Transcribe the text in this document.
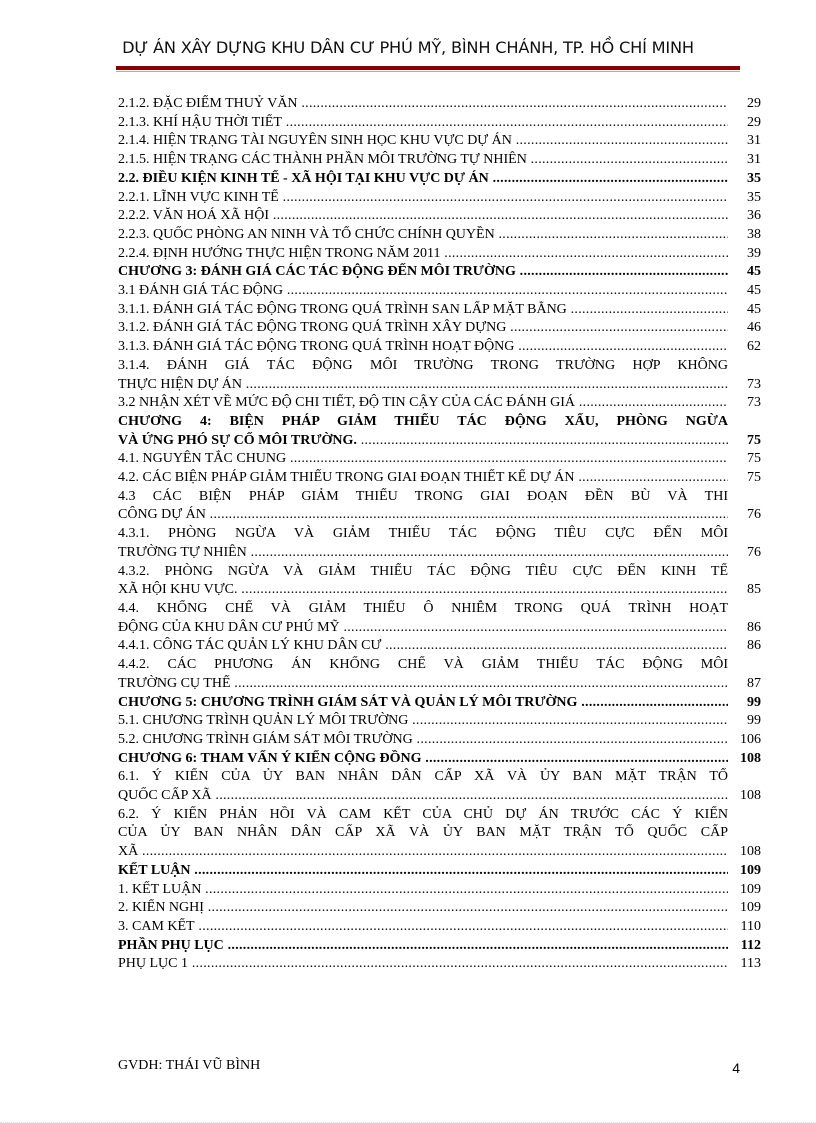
DỰ ÁN XÂY DỰNG KHU DÂN CƯ PHÚ MỸ, BÌNH CHÁNH, TP. HỒ CHÍ MINH
2.1.2. ĐẶC ĐIỂM THUỶ VĂN .....	29
2.1.3. KHÍ HẬU THỜI TIẾT .....	29
2.1.4. HIỆN TRẠNG TÀI NGUYÊN SINH HỌC KHU VỰC DỰ ÁN .....	31
2.1.5. HIỆN TRẠNG CÁC THÀNH PHẦN MÔI TRƯỜNG TỰ NHIÊN .....	31
2.2. ĐIỀU KIỆN KINH TẾ - XÃ HỘI TẠI KHU VỰC DỰ ÁN .....	35
2.2.1. LĨNH VỰC KINH TẾ .....	35
2.2.2. VĂN HOÁ XÃ HỘI .....	36
2.2.3. QUỐC PHÒNG AN NINH VÀ TỔ CHỨC CHÍNH QUYỀN .....	38
2.2.4. ĐỊNH HƯỚNG THỰC HIỆN TRONG NĂM 2011 .....	39
CHƯƠNG 3: ĐÁNH GIÁ CÁC TÁC ĐỘNG ĐẾN MÔI TRƯỜNG .....	45
3.1 ĐÁNH GIÁ TÁC ĐỘNG .....	45
3.1.1. ĐÁNH GIÁ TÁC ĐỘNG TRONG QUÁ TRÌNH SAN LẤP MẶT BẰNG .....	45
3.1.2. ĐÁNH GIÁ TÁC ĐỘNG TRONG QUÁ TRÌNH XÂY DỰNG .....	46
3.1.3. ĐÁNH GIÁ TÁC ĐỘNG TRONG QUÁ TRÌNH HOẠT ĐỘNG .....	62
3.1.4. ĐÁNH GIÁ TÁC ĐỘNG MÔI TRƯỜNG TRONG TRƯỜNG HỢP KHÔNG
THỰC HIỆN DỰ ÁN .....	73
3.2 NHẬN XÉT VỀ MỨC ĐỘ CHI TIẾT, ĐỘ TIN CẬY CỦA CÁC ĐÁNH GIÁ .....	73
CHƯƠNG 4: BIỆN PHÁP GIẢM THIỂU TÁC ĐỘNG XẤU, PHÒNG NGỪA
VÀ ỨNG PHÓ SỰ CỐ MÔI TRƯỜNG. .....	75
4.1. NGUYÊN TẮC CHUNG .....	75
4.2. CÁC BIỆN PHÁP GIẢM THIỂU TRONG GIAI ĐOẠN THIẾT KẾ DỰ ÁN .....	75
4.3 CÁC BIỆN PHÁP GIẢM THIỂU TRONG GIAI ĐOẠN ĐỀN BÙ VÀ THI
CÔNG DỰ ÁN .....	76
4.3.1. PHÒNG NGỪA VÀ GIẢM THIỂU TÁC ĐỘNG TIÊU CỰC ĐẾN MÔI
TRƯỜNG TỰ NHIÊN .....	76
4.3.2. PHÒNG NGỪA VÀ GIẢM THIỂU TÁC ĐỘNG TIÊU CỰC ĐẾN KINH TẾ
XÃ HỘI KHU VỰC. .....	85
4.4. KHỐNG CHẾ VÀ GIẢM THIỂU Ô NHIỄM TRONG QUÁ TRÌNH HOẠT
ĐỘNG CỦA KHU DÂN CƯ PHÚ MỸ .....	86
4.4.1. CÔNG TÁC QUẢN LÝ KHU DÂN CƯ .....	86
4.4.2. CÁC PHƯƠNG ÁN KHỐNG CHẾ VÀ GIẢM THIỂU TÁC ĐỘNG MÔI
TRƯỜNG CỤ THỂ .....	87
CHƯƠNG 5: CHƯƠNG TRÌNH GIÁM SÁT VÀ QUẢN LÝ MÔI TRƯỜNG .....	99
5.1. CHƯƠNG TRÌNH QUẢN LÝ MÔI TRƯỜNG .....	99
5.2. CHƯƠNG TRÌNH GIÁM SÁT MÔI TRƯỜNG .....	106
CHƯƠNG 6: THAM VẤN Ý KIẾN CỘNG ĐỒNG .....	108
6.1. Ý KIẾN CỦA ỦY BAN NHÂN DÂN CẤP XÃ VÀ ỦY BAN MẶT TRẬN TỔ
QUỐC CẤP XÃ .....	108
6.2. Ý KIẾN PHẢN HỒI VÀ CAM KẾT CỦA CHỦ DỰ ÁN TRƯỚC CÁC Ý KIẾN
CỦA ỦY BAN NHÂN DÂN CẤP XÃ VÀ ỦY BAN MẶT TRẬN TỔ QUỐC CẤP
XÃ .....	108
KẾT LUẬN .....	109
1. KẾT LUẬN .....	109
2. KIẾN NGHỊ .....	109
3. CAM KẾT .....	110
PHẦN PHỤ LỤC .....	112
PHỤ LỤC 1 .....	113
GVDH: THÁI VŨ BÌNH	4
